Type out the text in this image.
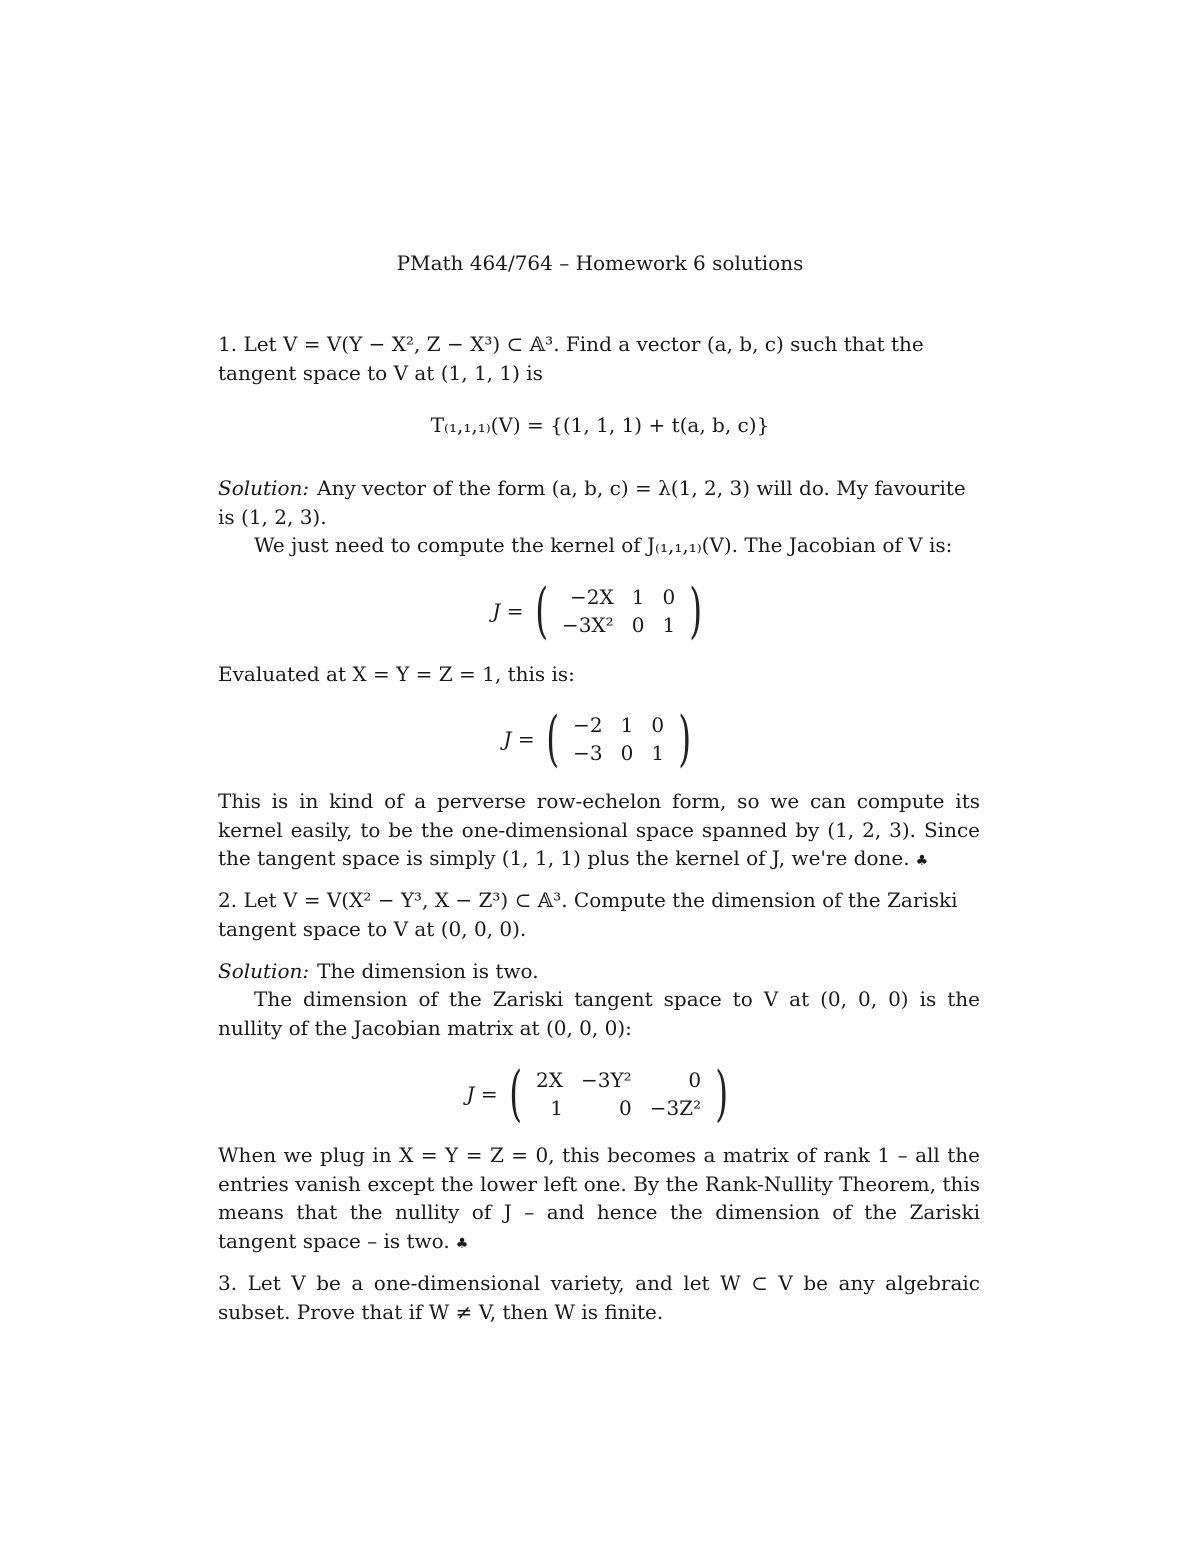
PMath 464/764 – Homework 6 solutions
1. Let V = V(Y − X², Z − X³) ⊂ 𝔸³. Find a vector (a, b, c) such that the
tangent space to V at (1, 1, 1) is
T₍₁,₁,₁₎(V) = {(1, 1, 1) + t(a, b, c)}
Solution: Any vector of the form (a, b, c) = λ(1, 2, 3) will do. My favourite is (1, 2, 3).
We just need to compute the kernel of J₍₁,₁,₁₎(V). The Jacobian of V is:
J = ( −2X	1	0
−3X²	0	1 )
Evaluated at X = Y = Z = 1, this is:
J = ( −2	1	0
−3	0	1 )
This is in kind of a perverse row-echelon form, so we can compute its kernel easily, to be the one-dimensional space spanned by (1, 2, 3). Since the tangent space is simply (1, 1, 1) plus the kernel of J, we're done. ♣
2. Let V = V(X² − Y³, X − Z³) ⊂ 𝔸³. Compute the dimension of the Zariski
tangent space to V at (0, 0, 0).
Solution: The dimension is two.
The dimension of the Zariski tangent space to V at (0, 0, 0) is the nullity of the Jacobian matrix at (0, 0, 0):
J = ( 2X	−3Y²	0
1	0	−3Z² )
When we plug in X = Y = Z = 0, this becomes a matrix of rank 1 – all the entries vanish except the lower left one. By the Rank-Nullity Theorem, this means that the nullity of J – and hence the dimension of the Zariski tangent space – is two. ♣
3. Let V be a one-dimensional variety, and let W ⊂ V be any algebraic subset. Prove that if W ≠ V, then W is finite.
